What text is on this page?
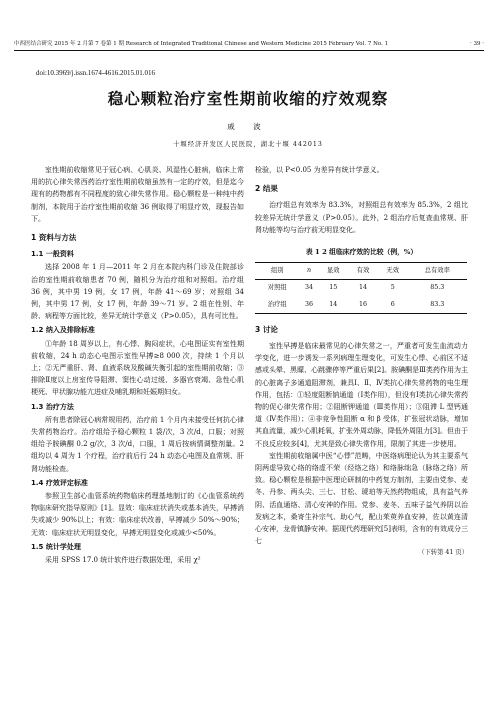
中西医结合研究 2015 年 2 月第 7 卷第 1 期 Research of Integrated Traditional Chinese and Western Medicine 2015 February Vol. 7 No. 1	· 39 ·
doi:10.3969/j.issn.1674-4616.2015.01.016
稳心颗粒治疗室性期前收缩的疗效观察
戚 波
十堰经济开发区人民医院，湖北十堰 442013

室性期前收缩常见于冠心病、心肌炎、风湿性心脏病，临床上常用的抗心律失常西药治疗室性期前收缩虽然有一定的疗效，但是迄今现有的药物都有不同程度的致心律失常作用。稳心颗粒是一种纯中药制剂，本院用于治疗室性期前收缩 36 例取得了明显疗效，现报告如下。

1 资料与方法
1.1 一般资料

选择 2008 年 1 月—2011 年 2 月在本院内科门诊及住院部诊治的室性期前收缩患者 70 例，随机分为治疗组和对照组。治疗组 36 例，其中男 19 例，女 17 例，年龄 41～69 岁；对照组 34 例，其中男 17 例，女 17 例，年龄 39～71 岁。2 组在性别、年龄、病程等方面比较，差异无统计学意义（P>0.05），具有可比性。

1.2 纳入及排除标准

①年龄 18 周岁以上，有心悸、胸闷症状，心电图证实有室性期前收缩，24 h 动态心电图示室性早搏≥8 000 次，持续 1 个月以上；②无严重肝、肾、血液系统及酸碱失衡引起的室性期前收缩；③排除Ⅱ度以上房室传导阻滞、窦性心动过缓、多器官衰竭、急性心肌梗死、甲状腺功能亢进症及哺乳期和妊娠期妇女。

1.3 治疗方法

所有患者除冠心病常规用药，治疗前 1 个月内未接受任何抗心律失常药物治疗。治疗组给予稳心颗粒 1 袋/次，3 次/d，口服；对照组给予胺碘酮 0.2 g/次，3 次/d，口服，1 周后按病情调整剂量。2 组均以 4 周为 1 个疗程，治疗前后行 24 h 动态心电图及血常规、肝肾功能检查。

1.4 疗效评定标准

参照卫生部心血管系统药物临床药理基地制订的《心血管系统药物临床研究指导原则》[1]。显效：临床症状消失或基本消失，早搏消失或减少 90%以上；有效：临床症状改善，早搏减少 50%～90%；无效：临床症状无明显变化，早搏无明显变化或减少<50%。

1.5 统计学处理

采用 SPSS 17.0 统计软件进行数据处理，采用 χ²

检验，以 P<0.05 为差异有统计学意义。

2 结果

治疗组总有效率为 83.3%，对照组总有效率为 85.3%，2 组比较差异无统计学意义（P>0.05）。此外，2 组治疗后复查血常规、肝肾功能等均与治疗前无明显变化。

表 1 2 组临床疗效的比较（例，%）
组别	n	显效	有效	无效	总有效率
对照组	34	15	14	5	85.3
治疗组	36	14	16	6	83.3
3 讨论

室性早搏是临床最常见的心律失常之一，严重者可发生血流动力学变化，进一步诱发一系列病理生理变化，可发生心悸、心前区不适感或头晕、黑矇、心跳骤停等严重后果[2]。胺碘酮是Ⅲ类药作用为主的心脏离子多通道阻滞剂，兼具Ⅰ、Ⅱ、Ⅳ类抗心律失常药物的电生理作用，包括：①轻度阻断钠通道（Ⅰ类作用），但没有Ⅰ类抗心律失常药物的促心律失常作用；②阻断钾通道（Ⅲ类作用）；③阻滞 L 型钙通道（Ⅳ类作用）；④非竞争性阻断 α 和 β 受体，扩张冠状动脉，增加其血流量，减少心肌耗氧，扩张外周动脉，降低外周阻力[3]。但由于不良反应较多[4]，尤其是致心律失常作用，限制了其进一步使用。

室性期前收缩属中医“心悸”范畴，中医络病理论认为其主要系气阴两虚导致心络的络虚不荣（经络之络）和络脉绌急（脉络之络）所致。稳心颗粒是根据中医理论研制的中药复方制剂，主要由党参、麦冬、丹参、两头尖、三七、甘松、琥珀等天然药物组成，具有益气养阴、活血通络、清心安神的作用。党参、麦冬、五味子益气养阴以治发病之本，桑寄生补宗气、助心气，配山茱萸养血安神，佐以黄连清心安神，龙骨镇静安神。据现代药理研究[5]表明，含有的有效成分三七

（下转第 41 页）
